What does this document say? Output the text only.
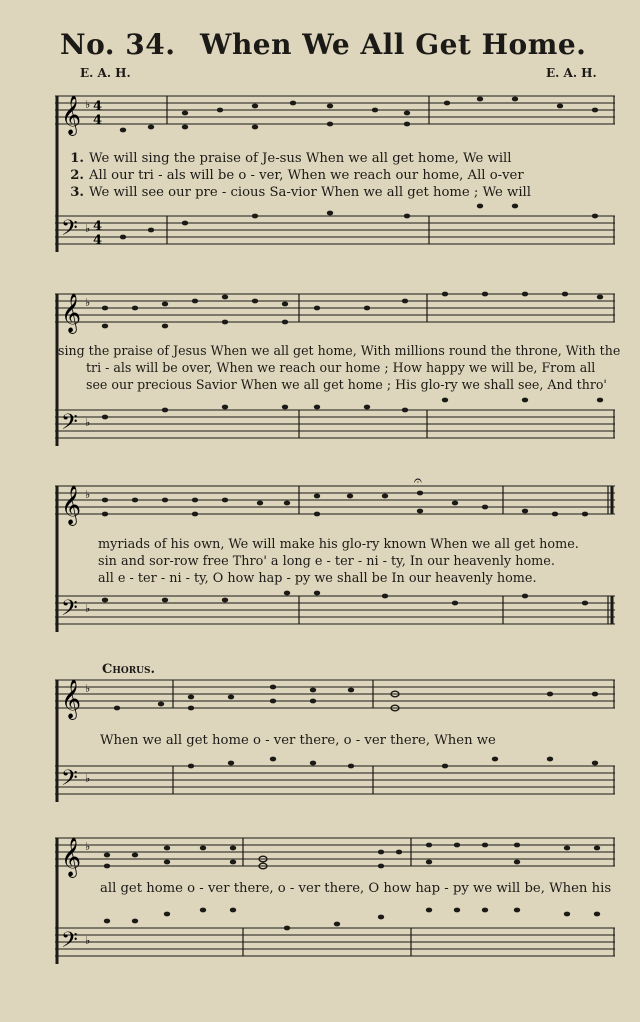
No. 34. When We All Get Home.
E. A. H.	E. A. H.
𝄞
𝄢
♭
♭
4
4
4
4
1. We will sing the praise of Je-sus When we all get home, We will
2. All our tri - als will be o - ver, When we reach our home, All o-ver
3. We will see our pre - cious Sa-vior When we all get home ; We will
𝄞
𝄢
♭
♭
sing the praise of Jesus When we all get home, With millions round the throne, With the
tri - als will be over, When we reach our home ; How happy we will be, From all
see our precious Savior When we all get home ; His glo-ry we shall see, And thro'
𝄞
𝄢
♭
♭
𝄐
myriads of his own, We will make his glo-ry known When we all get home.
sin and sor-row free Thro' a long e - ter - ni - ty, In our heavenly home.
all e - ter - ni - ty, O how hap - py we shall be In our heavenly home.
Chorus.
𝄞
𝄢
♭
♭
When we all get home o - ver there, o - ver there, When we
𝄞
𝄢
♭
♭
all get home o - ver there, o - ver there, O how hap - py we will be, When his
